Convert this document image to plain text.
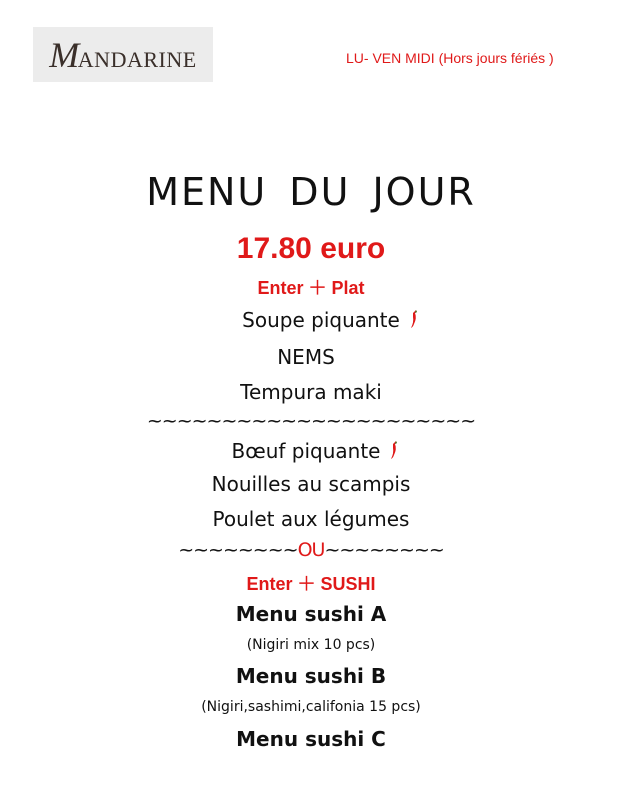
MANDARINE	LU- VEN MIDI (Hors jours fériés )
MENU DU JOUR
17.80 euro
Enter ＋ Plat
Soupe piquante
NEMS
Tempura maki
~~~~~~~~~~~~~~~~~~~~~~
Bœuf piquante
Nouilles au scampis
Poulet aux légumes
~~~~~~~~OU~~~~~~~~
Enter ＋ SUSHI
Menu sushi A
(Nigiri mix 10 pcs)
Menu sushi B
(Nigiri,sashimi,califonia 15 pcs)
Menu sushi C
